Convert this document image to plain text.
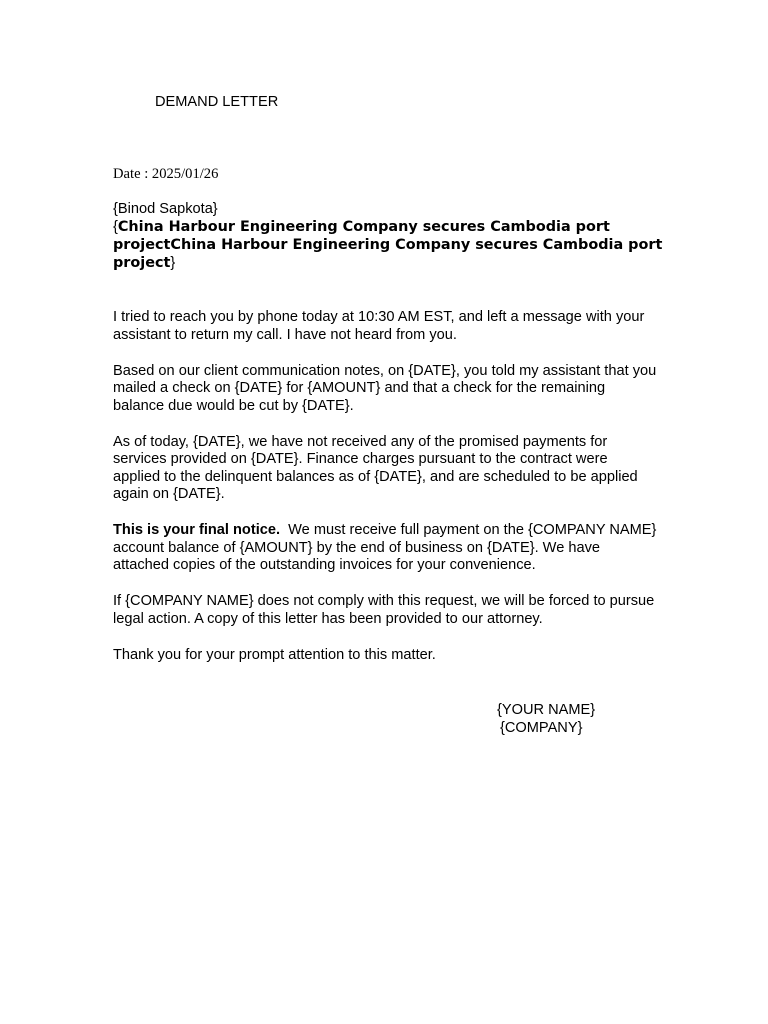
DEMAND LETTER
Date : 2025/01/26
{Binod Sapkota}
{China Harbour Engineering Company secures Cambodia port projectChina Harbour Engineering Company secures Cambodia port project}

I tried to reach you by phone today at 10:30 AM EST, and left a message with your assistant to return my call. I have not heard from you.

Based on our client communication notes, on {DATE}, you told my assistant that you mailed a check on {DATE} for {AMOUNT} and that a check for the remaining balance due would be cut by {DATE}.

As of today, {DATE}, we have not received any of the promised payments for services provided on {DATE}. Finance charges pursuant to the contract were applied to the delinquent balances as of {DATE}, and are scheduled to be applied again on {DATE}.

This is your final notice.  We must receive full payment on the {COMPANY NAME} account balance of {AMOUNT} by the end of business on {DATE}. We have attached copies of the outstanding invoices for your convenience.

If {COMPANY NAME} does not comply with this request, we will be forced to pursue legal action. A copy of this letter has been provided to our attorney.

Thank you for your prompt attention to this matter.

{YOUR NAME}
{COMPANY}
